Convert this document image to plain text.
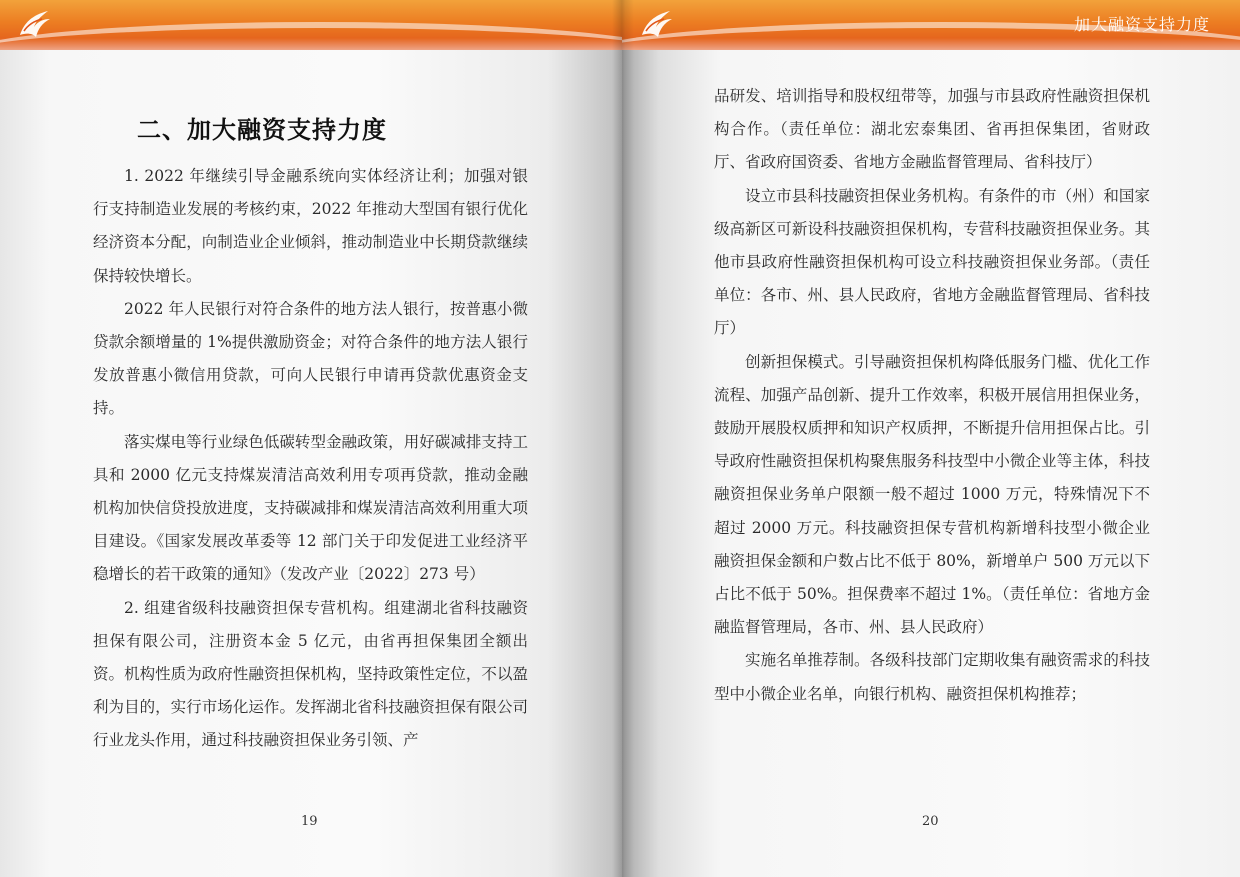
二、加大融资支持力度

1. 2022 年继续引导金融系统向实体经济让利；加强对银行支持制造业发展的考核约束，2022 年推动大型国有银行优化经济资本分配，向制造业企业倾斜，推动制造业中长期贷款继续保持较快增长。

2022 年人民银行对符合条件的地方法人银行，按普惠小微贷款余额增量的 1%提供激励资金；对符合条件的地方法人银行发放普惠小微信用贷款，可向人民银行申请再贷款优惠资金支持。

落实煤电等行业绿色低碳转型金融政策，用好碳减排支持工具和 2000 亿元支持煤炭清洁高效利用专项再贷款，推动金融机构加快信贷投放进度，支持碳减排和煤炭清洁高效利用重大项目建设。《国家发展改革委等 12 部门关于印发促进工业经济平稳增长的若干政策的通知》（发改产业〔2022〕273 号）

2. 组建省级科技融资担保专营机构。组建湖北省科技融资担保有限公司，注册资本金 5 亿元，由省再担保集团全额出资。机构性质为政府性融资担保机构，坚持政策性定位，不以盈利为目的，实行市场化运作。发挥湖北省科技融资担保有限公司行业龙头作用，通过科技融资担保业务引领、产

19
加大融资支持力度

品研发、培训指导和股权纽带等，加强与市县政府性融资担保机构合作。（责任单位：湖北宏泰集团、省再担保集团，省财政厅、省政府国资委、省地方金融监督管理局、省科技厅）

设立市县科技融资担保业务机构。有条件的市（州）和国家级高新区可新设科技融资担保机构，专营科技融资担保业务。其他市县政府性融资担保机构可设立科技融资担保业务部。（责任单位：各市、州、县人民政府，省地方金融监督管理局、省科技厅）

创新担保模式。引导融资担保机构降低服务门槛、优化工作流程、加强产品创新、提升工作效率，积极开展信用担保业务，鼓励开展股权质押和知识产权质押，不断提升信用担保占比。引导政府性融资担保机构聚焦服务科技型中小微企业等主体，科技融资担保业务单户限额一般不超过 1000 万元，特殊情况下不超过 2000 万元。科技融资担保专营机构新增科技型小微企业融资担保金额和户数占比不低于 80%，新增单户 500 万元以下占比不低于 50%。担保费率不超过 1%。（责任单位：省地方金融监督管理局，各市、州、县人民政府）

实施名单推荐制。各级科技部门定期收集有融资需求的科技型中小微企业名单，向银行机构、融资担保机构推荐；

20
